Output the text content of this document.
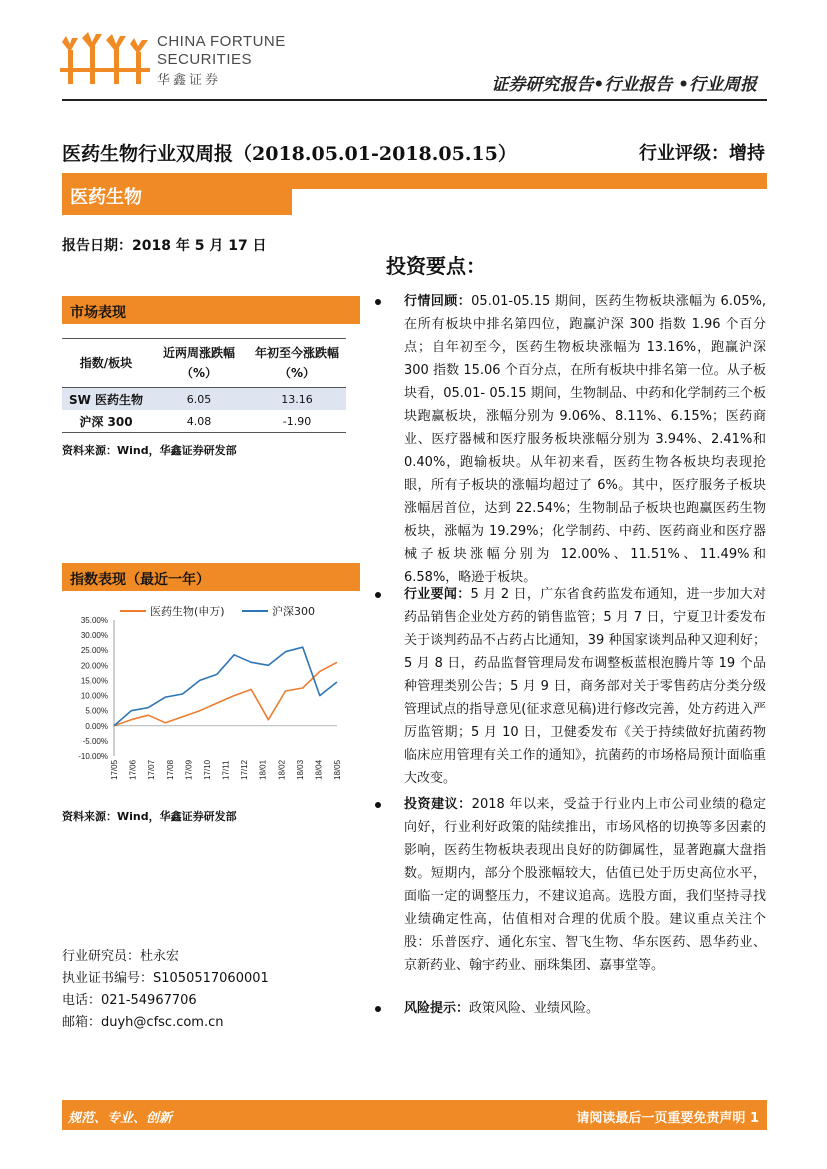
CHINA FORTUNE
SECURITIES
华鑫证券	证券研究报告•行业报告 •行业周报
医药生物行业双周报（2018.05.01-2018.05.15）	行业评级：增持
医药生物
报告日期：2018 年 5 月 17 日
投资要点：
市场表现
指数/板块	近两周涨跌幅（%）	年初至今涨跌幅（%）
SW 医药生物	6.05	13.16
沪深 300	4.08	-1.90
资料来源：Wind，华鑫证券研发部
指数表现（最近一年）
35.00%
30.00%
25.00%
20.00%
15.00%
10.00%
5.00%
0.00%
-5.00%
-10.00%
17/05 17/06 17/07 17/08 17/09 17/10 17/11 17/12 18/01 18/02 18/03 18/04 18/05
医药生物(申万)	沪深300
资料来源：Wind，华鑫证券研发部
行业研究员：杜永宏
执业证书编号：S1050517060001
电话：021-54967706
邮箱：duyh@cfsc.com.cn
行情回顾：05.01-05.15 期间，医药生物板块涨幅为 6.05%,在所有板块中排名第四位，跑赢沪深 300 指数 1.96 个百分点；自年初至今，医药生物板块涨幅为 13.16%，跑赢沪深 300 指数 15.06 个百分点，在所有板块中排名第一位。从子板块看，05.01- 05.15 期间，生物制品、中药和化学制药三个板块跑赢板块，涨幅分别为 9.06%、8.11%、6.15%；医药商业、医疗器械和医疗服务板块涨幅分别为 3.94%、2.41%和 0.40%，跑输板块。从年初来看，医药生物各板块均表现抢眼，所有子板块的涨幅均超过了 6%。其中，医疗服务子板块涨幅居首位，达到 22.54%；生物制品子板块也跑赢医药生物板块，涨幅为 19.29%；化学制药、中药、医药商业和医疗器械子板块涨幅分别为 12.00%、11.51%、11.49%和 6.58%，略逊于板块。
行业要闻：5 月 2 日，广东省食药监发布通知，进一步加大对药品销售企业处方药的销售监管；5 月 7 日，宁夏卫计委发布关于谈判药品不占药占比通知，39 种国家谈判品种又迎利好；5 月 8 日，药品监督管理局发布调整板蓝根泡腾片等 19 个品种管理类别公告；5 月 9 日，商务部对关于零售药店分类分级管理试点的指导意见(征求意见稿)进行修改完善，处方药进入严厉监管期；5 月 10 日，卫健委发布《关于持续做好抗菌药物临床应用管理有关工作的通知》，抗菌药的市场格局预计面临重大改变。
投资建议：2018 年以来，受益于行业内上市公司业绩的稳定向好，行业利好政策的陆续推出，市场风格的切换等多因素的影响，医药生物板块表现出良好的防御属性，显著跑赢大盘指数。短期内，部分个股涨幅较大，估值已处于历史高位水平，面临一定的调整压力，不建议追高。选股方面，我们坚持寻找业绩确定性高，估值相对合理的优质个股。建议重点关注个股：乐普医疗、通化东宝、智飞生物、华东医药、恩华药业、京新药业、翰宇药业、丽珠集团、嘉事堂等。
风险提示：政策风险、业绩风险。
规范、专业、创新	请阅读最后一页重要免责声明 1
